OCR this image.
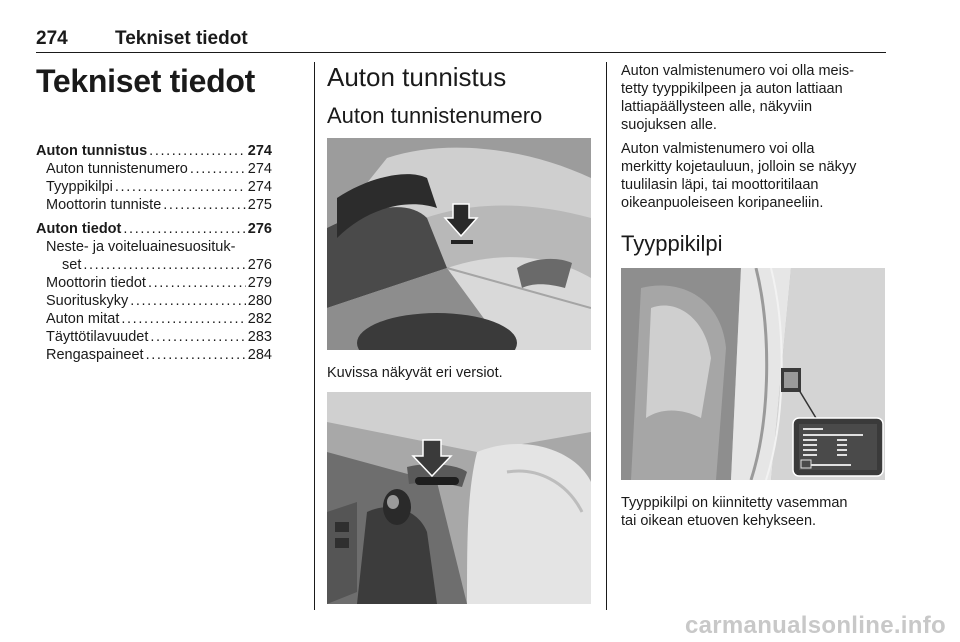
274 Tekniset tiedot
Tekniset tiedot
Auton tunnistus . . .	274
Auton tunnistenumero . . .	274
Tyyppikilpi . . .	274
Moottorin tunniste . . .	275
Auton tiedot . . .	276
Neste- ja voiteluainesuosituk-
set . . .	276
Moottorin tiedot . . .	279
Suorituskyky . . .	280
Auton mitat . . .	282
Täyttötilavuudet . . .	283
Rengaspaineet . . .	284
Auton tunnistus
Auton tunnistenumero

Kuvissa näkyvät eri versiot.

Auton valmistenumero voi olla meis-
tetty tyyppikilpeen ja auton lattiaan
lattiapäällysteen alle, näkyviin
suojuksen alle.

Auton valmistenumero voi olla
merkitty kojetauluun, jolloin se näkyy
tuulilasin läpi, tai moottoritilaan
oikeanpuoleiseen koripaneeliin.

Tyyppikilpi

Tyyppikilpi on kiinnitetty vasemman
tai oikean etuoven kehykseen.

carmanualsonline.info
